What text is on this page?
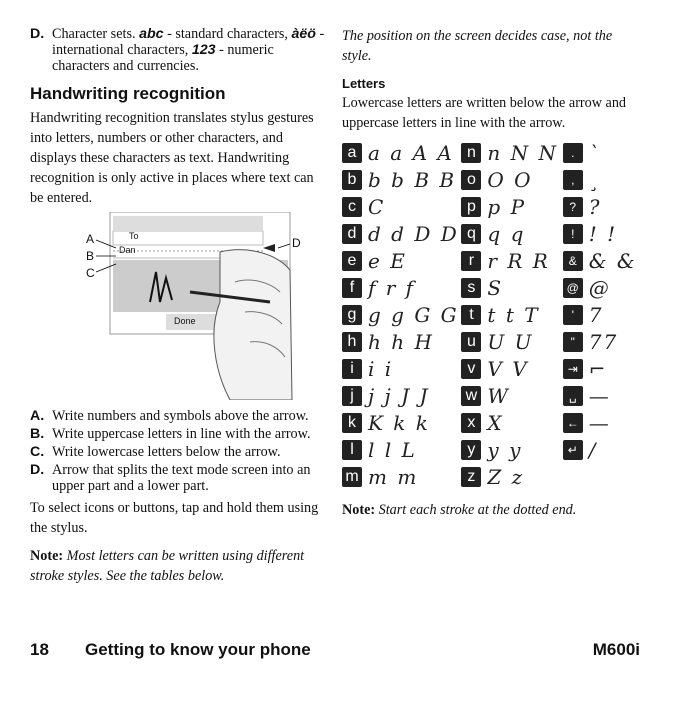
D. Character sets. abc - standard characters, àëö - international characters, 123 - numeric characters and currencies.
Handwriting recognition

Handwriting recognition translates stylus gestures into letters, numbers or other characters, and displays these characters as text. Handwriting recognition is only active in places where text can be entered.

To
Dan
Done
A
B
C
D
A. Write numbers and symbols above the arrow.
B. Write uppercase letters in line with the arrow.
C. Write lowercase letters below the arrow.
D. Arrow that splits the text mode screen into an upper part and a lower part.

To select icons or buttons, tap and hold them using the stylus.

Note: Most letters can be written using different stroke styles. See the tables below.

The position on the screen decides case, not the style.

Letters

Lowercase letters are written below the arrow and uppercase letters in line with the arrow.

a	a a A A	n	n N N	.	`
b	b b B B	o	O O	,	¸
c	C	p	p P	?	?
d	d d D D	q	q q	!	! !
e	e E	r	r R R	&	& &
f	f r f	s	S	@	@
g	g g G G	t	t t T	'	7
h	h h H	u	U U	"	77
i	i i	v	V V	⇥	⌐
j	j j J J	w	W	␣	—
k	K k k	x	X	←	—
l	l l L	y	y y	↵	/
m	m m	z	Z z		

Note: Start each stroke at the dotted end.

18 Getting to know your phone	M600i
